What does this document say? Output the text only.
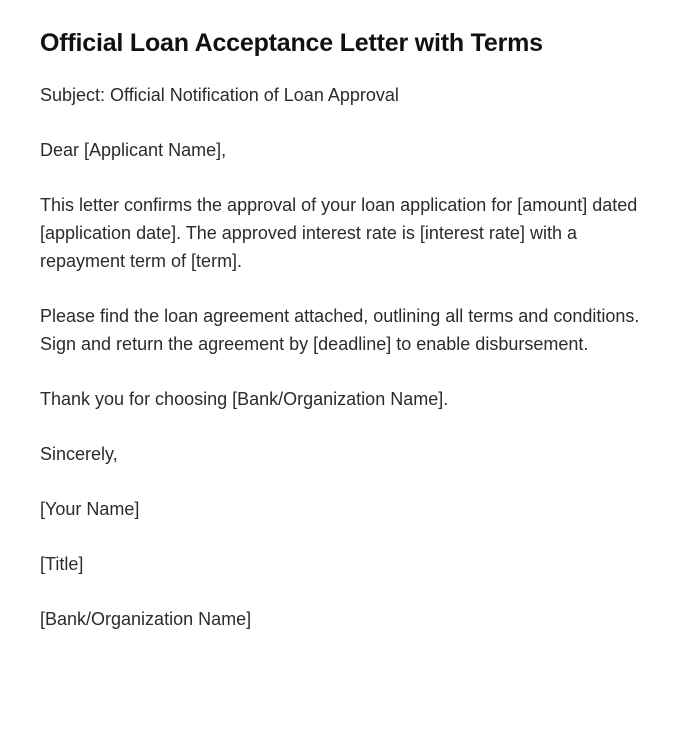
Official Loan Acceptance Letter with Terms

Subject: Official Notification of Loan Approval

Dear [Applicant Name],

This letter confirms the approval of your loan application for [amount] dated [application date]. The approved interest rate is [interest rate] with a repayment term of [term].

Please find the loan agreement attached, outlining all terms and conditions. Sign and return the agreement by [deadline] to enable disbursement.

Thank you for choosing [Bank/Organization Name].

Sincerely,

[Your Name]

[Title]

[Bank/Organization Name]
